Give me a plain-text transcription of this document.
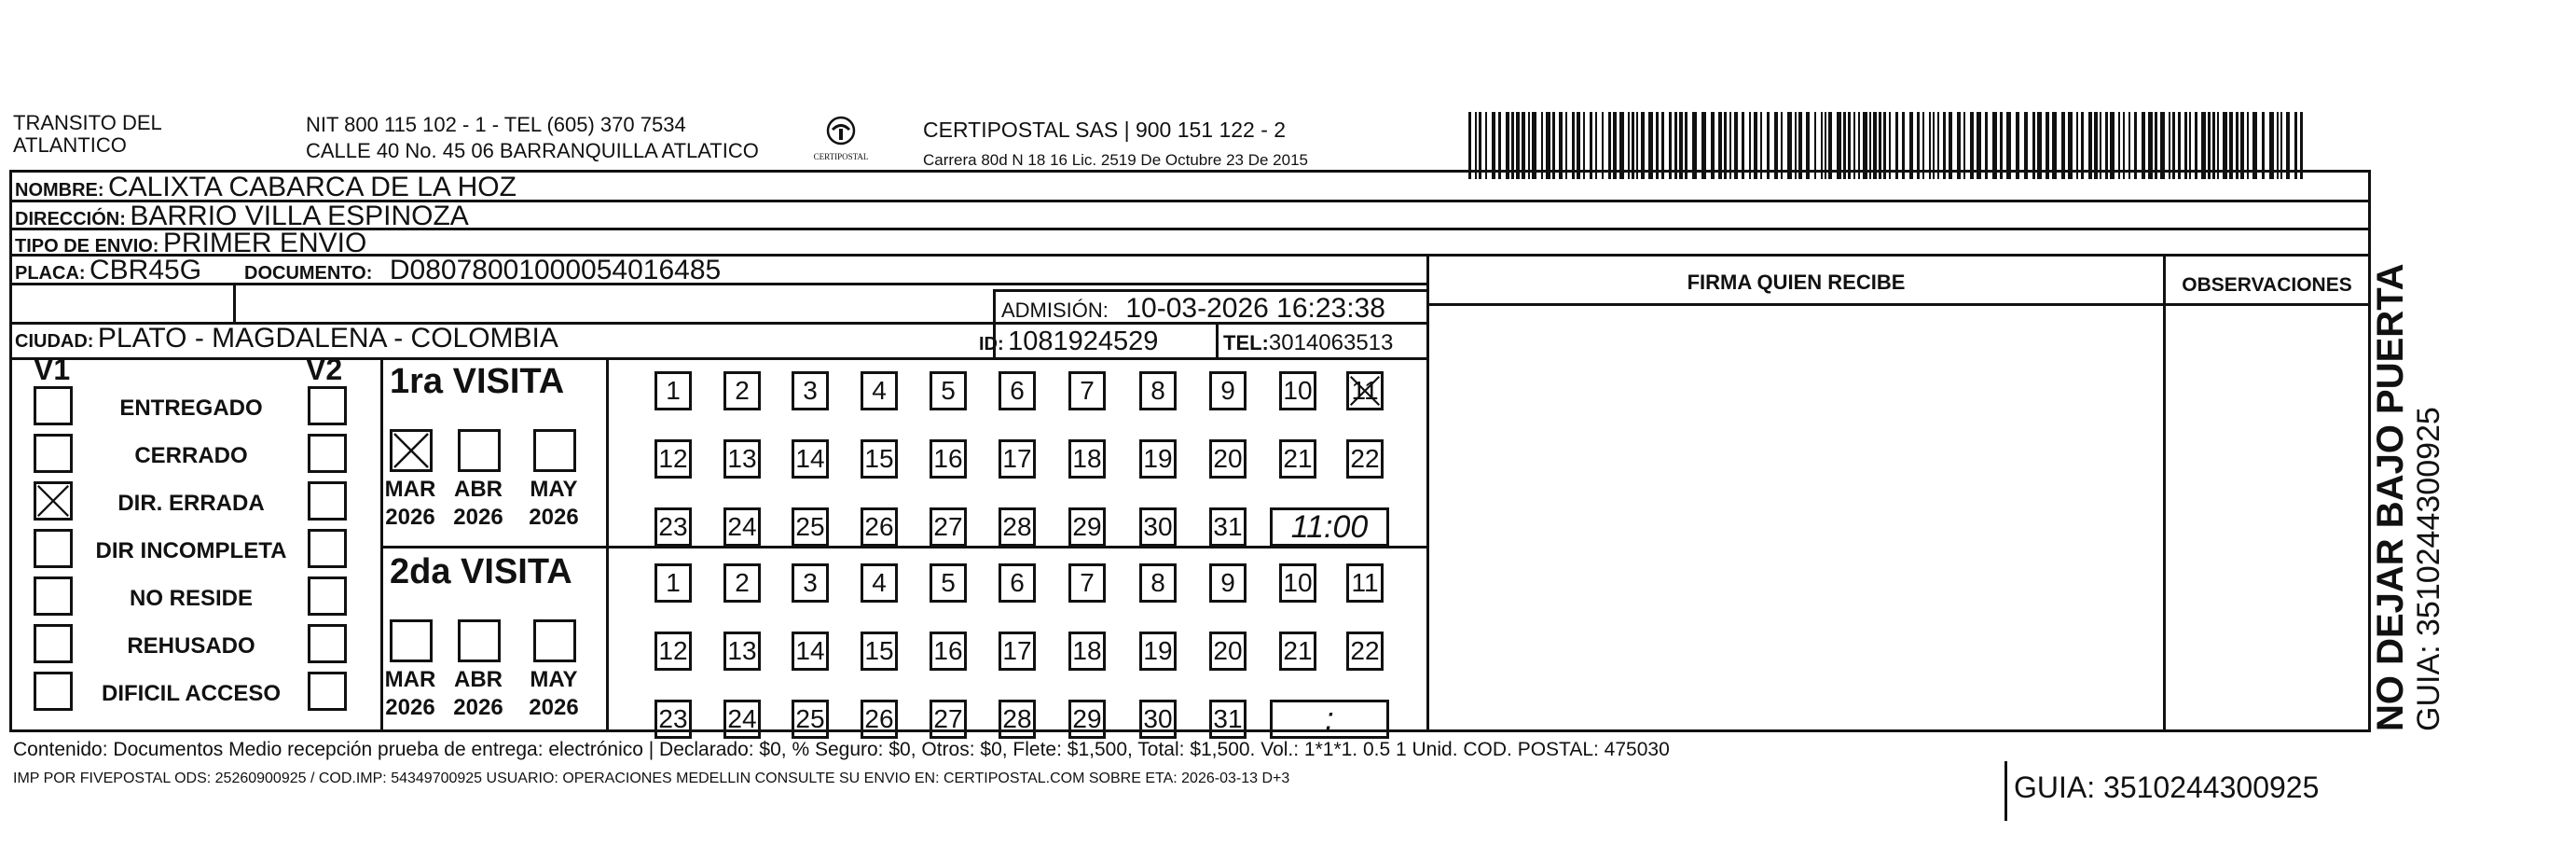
TRANSITO DEL
ATLANTICO
NIT 800 115 102 - 1 - TEL (605) 370 7534
CALLE 40 No. 45 06 BARRANQUILLA ATLATICO	CERTIPOSTAL
CERTIPOSTAL SAS | 900 151 122 - 2
Carrera 80d N 18 16 Lic. 2519 De Octubre 23 De 2015
NOMBRE: CALIXTA CABARCA DE LA HOZ
DIRECCIÓN: BARRIO VILLA ESPINOZA
TIPO DE ENVIO: PRIMER ENVIO
PLACA: CBR45G DOCUMENTO: D08078001000054016485
ADMISIÓN: 10-03-2026 16:23:38
CIUDAD: PLATO - MAGDALENA - COLOMBIA	ID: 1081924529	TEL:3014063513
FIRMA QUIEN RECIBE	OBSERVACIONES
V1	V2 1ra VISITA
2da VISITA
Contenido: Documentos Medio recepción prueba de entrega: electrónico | Declarado: $0, % Seguro: $0, Otros: $0, Flete: $1,500, Total: $1,500. Vol.: 1*1*1. 0.5 1 Unid. COD. POSTAL: 475030
IMP POR FIVEPOSTAL ODS: 25260900925 / COD.IMP: 54349700925 USUARIO: OPERACIONES MEDELLIN CONSULTE SU ENVIO EN: CERTIPOSTAL.COM SOBRE ETA: 2026-03-13 D+3	GUIA: 3510244300925
NO DEJAR BAJO PUERTA GUIA: 3510244300925
ENTREGADO
CERRADO
DIR. ERRADA
DIR INCOMPLETA
NO RESIDE
REHUSADO
DIFICIL ACCESO
MAR
2026
ABR
2026
MAY
2026
MAR
2026
ABR
2026
MAY
2026
1 2 3 4 5 6 7 8 9 10 11
12 13 14 15 16 17 18 19 20 21 22
23 24 25 26 27 28 29 30 31	11:00
1 2 3 4 5 6 7 8 9 10 11
12 13 14 15 16 17 18 19 20 21 22
23 24 25 26 27 28 29 30 31	:
